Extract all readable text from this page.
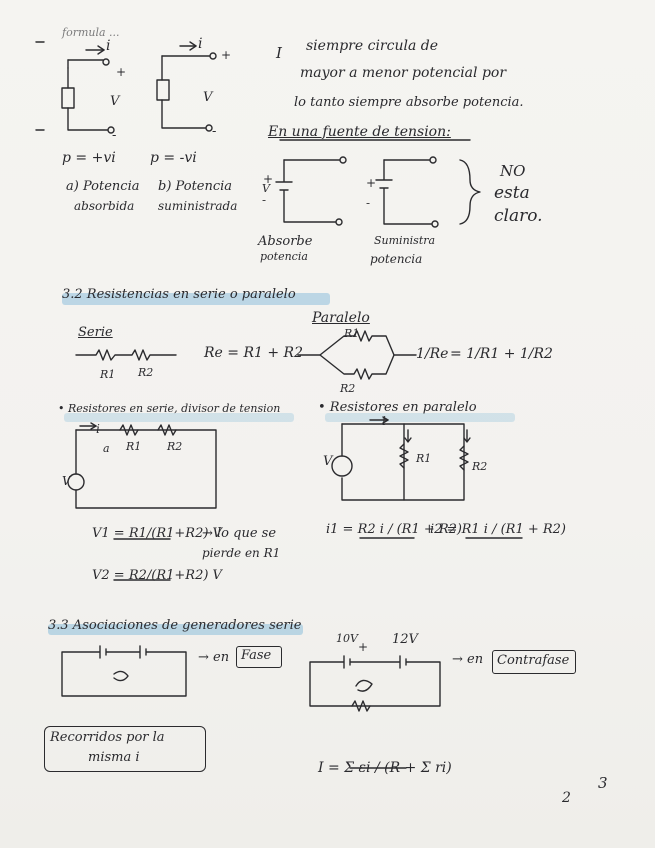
formula ...
i	i
+
+
V	V
-	-
p = +vi p = -vi
a) Potencia
absorbida
b) Potencia
suministrada
I siempre circula de
mayor a menor potencial por
lo tanto siempre absorbe potencia.
En una fuente de tension:
+
V
-
+
-
Absorbe
potencia
Suministra
potencia
NO
esta
claro.
3.2 Resistencias en serie o paralelo
Serie
R1 R2
Re = R1 + R2
Paralelo
R1
R2
1/Re = 1/R1 + 1/R2
• Resistores en serie, divisor de tension	• Resistores en paralelo
a R1 R2
i
V
i
V	R1
R2
V1 = R1/(R1+R2) V
→ lo que se
pierde en R1
V2 = R2/(R1+R2) V
i1 = R2 i / (R1 + R2)
i2 = R1 i / (R1 + R2)
3.3 Asociaciones de generadores serie
→ en Fase
10V
+ 12V
→ en Contrafase
Recorridos por la
misma i
I = Σ εi / (R + Σ ri)
2
3
